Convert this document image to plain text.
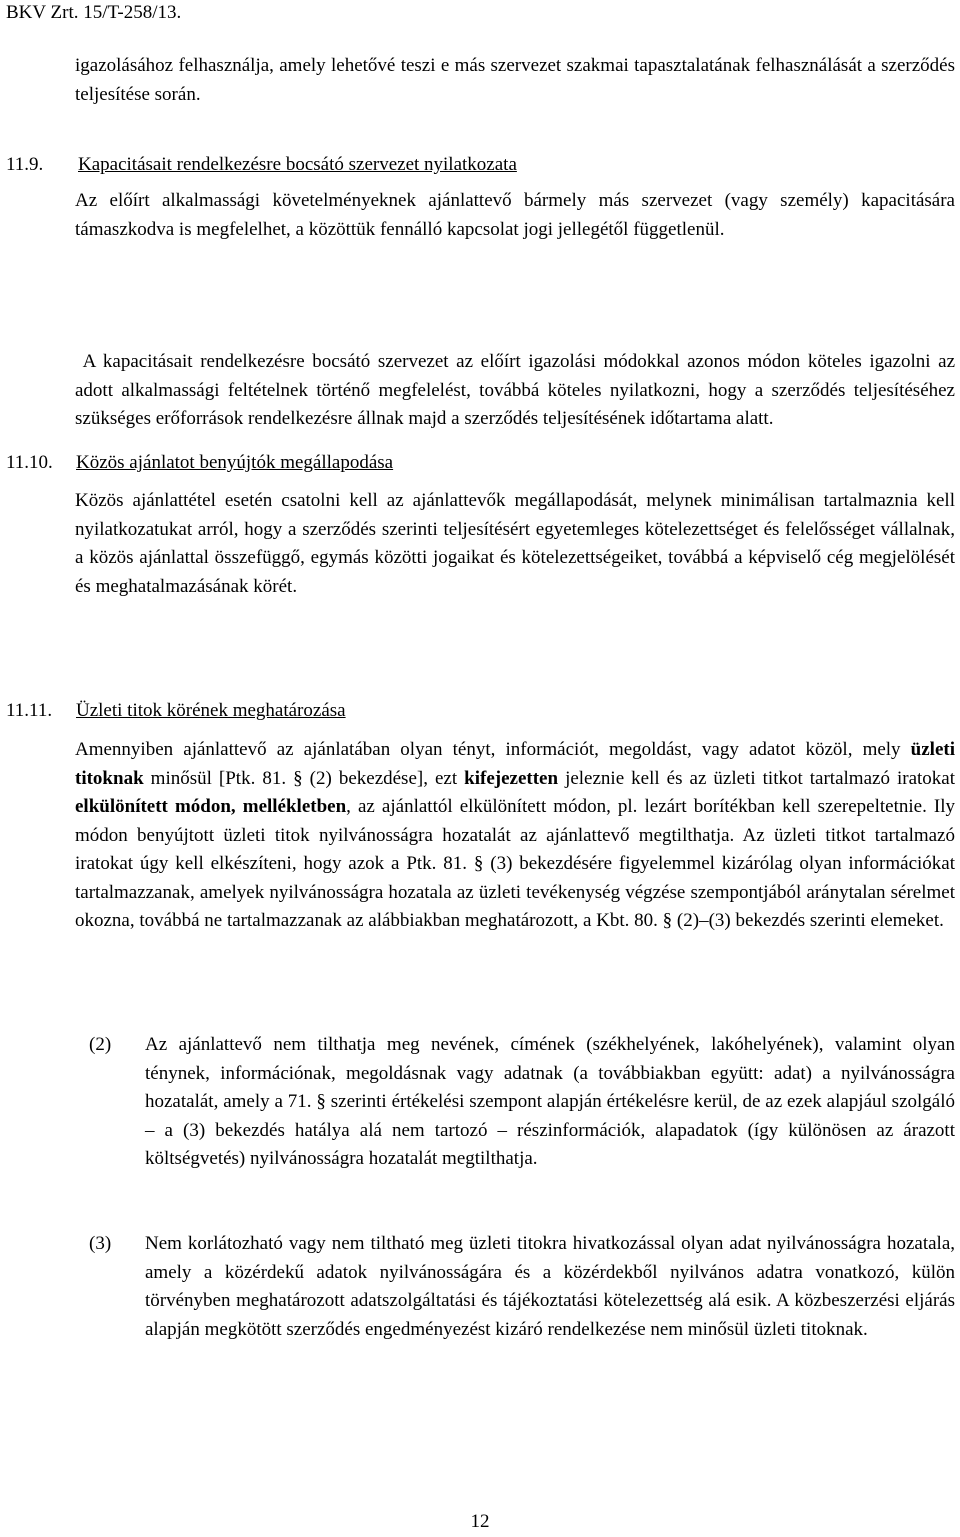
BKV Zrt. 15/T-258/13.

igazolásához felhasználja, amely lehetővé teszi e más szervezet szakmai tapasztalatának felhasználását a szerződés teljesítése során.

11.9. Kapacitásait rendelkezésre bocsátó szervezet nyilatkozata

Az előírt alkalmassági követelményeknek ajánlattevő bármely más szervezet (vagy személy) kapacitására támaszkodva is megfelelhet, a közöttük fennálló kapcsolat jogi jellegétől függetlenül.

A kapacitásait rendelkezésre bocsátó szervezet az előírt igazolási módokkal azonos módon köteles igazolni az adott alkalmassági feltételnek történő megfelelést, továbbá köteles nyilatkozni, hogy a szerződés teljesítéséhez szükséges erőforrások rendelkezésre állnak majd a szerződés teljesítésének időtartama alatt.

11.10. Közös ajánlatot benyújtók megállapodása

Közös ajánlattétel esetén csatolni kell az ajánlattevők megállapodását, melynek minimálisan tartalmaznia kell nyilatkozatukat arról, hogy a szerződés szerinti teljesítésért egyetemleges kötelezettséget és felelősséget vállalnak, a közös ajánlattal összefüggő, egymás közötti jogaikat és kötelezettségeiket, továbbá a képviselő cég megjelölését és meghatalmazásának körét.

11.11. Üzleti titok körének meghatározása

Amennyiben ajánlattevő az ajánlatában olyan tényt, információt, megoldást, vagy adatot közöl, mely üzleti titoknak minősül [Ptk. 81. § (2) bekezdése], ezt kifejezetten jeleznie kell és az üzleti titkot tartalmazó iratokat elkülönített módon, mellékletben, az ajánlattól elkülönített módon, pl. lezárt borítékban kell szerepeltetnie. Ily módon benyújtott üzleti titok nyilvánosságra hozatalát az ajánlattevő megtilthatja. Az üzleti titkot tartalmazó iratokat úgy kell elkészíteni, hogy azok a Ptk. 81. § (3) bekezdésére figyelemmel kizárólag olyan információkat tartalmazzanak, amelyek nyilvánosságra hozatala az üzleti tevékenység végzése szempontjából aránytalan sérelmet okozna, továbbá ne tartalmazzanak az alábbiakban meghatározott, a Kbt. 80. § (2)–(3) bekezdés szerinti elemeket.

(2) Az ajánlattevő nem tilthatja meg nevének, címének (székhelyének, lakóhelyének), valamint olyan ténynek, információnak, megoldásnak vagy adatnak (a továbbiakban együtt: adat) a nyilvánosságra hozatalát, amely a 71. § szerinti értékelési szempont alapján értékelésre kerül, de az ezek alapjául szolgáló – a (3) bekezdés hatálya alá nem tartozó – részinformációk, alapadatok (így különösen az árazott költségvetés) nyilvánosságra hozatalát megtilthatja.
(3) Nem korlátozható vagy nem tiltható meg üzleti titokra hivatkozással olyan adat nyilvánosságra hozatala, amely a közérdekű adatok nyilvánosságára és a közérdekből nyilvános adatra vonatkozó, külön törvényben meghatározott adatszolgáltatási és tájékoztatási kötelezettség alá esik. A közbeszerzési eljárás alapján megkötött szerződés engedményezést kizáró rendelkezése nem minősül üzleti titoknak.
12
